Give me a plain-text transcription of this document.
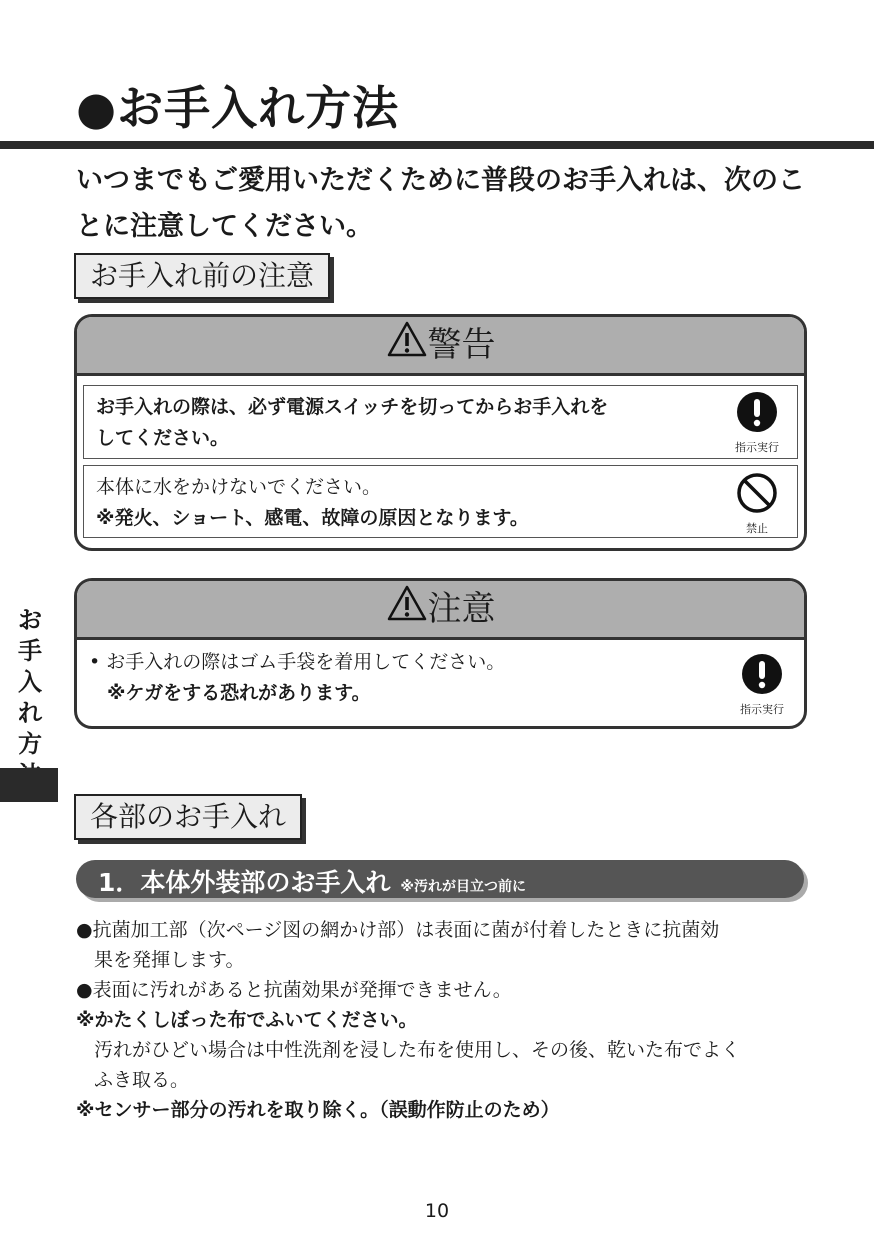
●お手入れ方法
いつまでもご愛用いただくために普段のお手入れは、次のこ
とに注意してください。
お手入れ前の注意
警告
お手入れの際は、必ず電源スイッチを切ってからお手入れを
してください。	指示実行
本体に水をかけないでください。
※発火、ショート、感電、故障の原因となります。	禁止
注意
• お手入れの際はゴム手袋を着用してください。
※ケガをする恐れがあります。
指示実行
お手入れ方
各部のお手入れ
1．本体外装部のお手入れ ※汚れが目立つ前に
●抗菌加工部（次ページ図の網かけ部）は表面に菌が付着したときに抗菌効
果を発揮します。
●表面に汚れがあると抗菌効果が発揮できません。
※かたくしぼった布でふいてください。
汚れがひどい場合は中性洗剤を浸した布を使用し、その後、乾いた布でよく
ふき取る。
※センサー部分の汚れを取り除く。（誤動作防止のため）
10
